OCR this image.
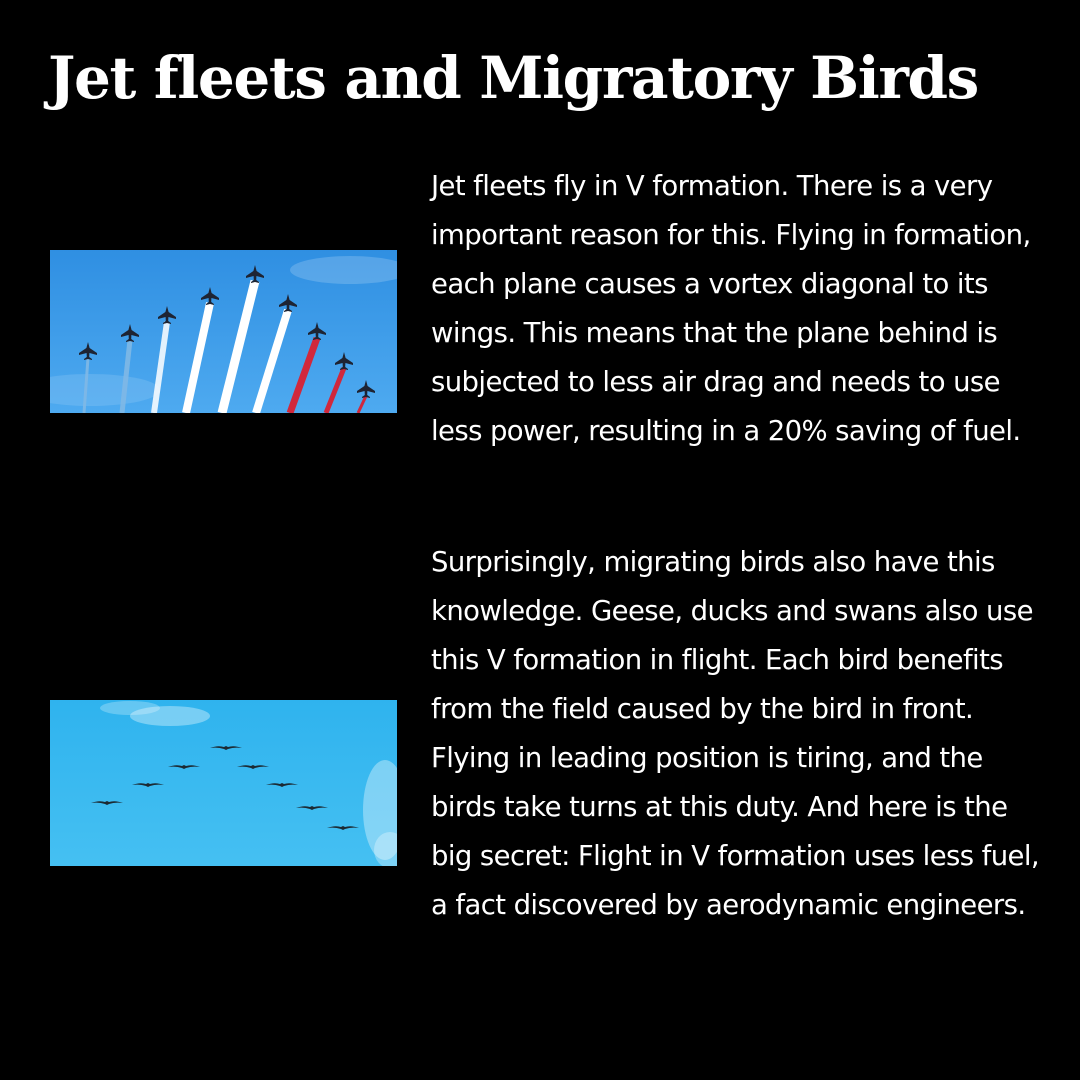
Jet fleets and Migratory Birds

Jet fleets fly in V formation. There is a very important reason for this. Flying in formation, each plane causes a vortex diagonal to its wings. This means that the plane behind is subjected to less air drag and needs to use less power, resulting in a 20% saving of fuel.

Surprisingly, migrating birds also have this knowledge. Geese, ducks and swans also use this V formation in flight. Each bird benefits from the field caused by the bird in front. Flying in leading position is tiring, and the birds take turns at this duty. And here is the big secret: Flight in V formation uses less fuel, a fact discovered by aerodynamic engineers.
